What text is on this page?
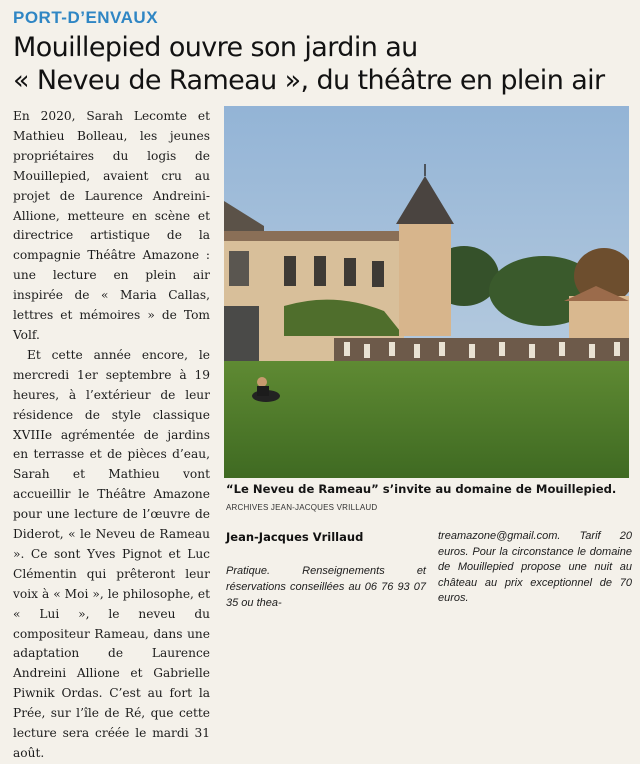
PORT-D’ENVAUX
Mouillepied ouvre son jardin au
« Neveu de Rameau », du théâtre en plein air

En 2020, Sarah Lecomte et Mathieu Bolleau, les jeunes propriétaires du logis de Mouillepied, avaient cru au projet de Laurence Andreini-Allione, metteure en scène et directrice artistique de la compagnie Théâtre Amazone : une lecture en plein air inspirée de « Maria Callas, lettres et mémoires » de Tom Volf.

Et cette année encore, le mercredi 1er septembre à 19 heures, à l’extérieur de leur résidence de style classique XVIIIe agrémentée de jardins en terrasse et de pièces d’eau, Sarah et Mathieu vont accueillir le Théâtre Amazone pour une lecture de l’œuvre de Diderot, « le Neveu de Rameau ». Ce sont Yves Pignot et Luc Clémentin qui prêteront leur voix à « Moi », le philosophe, et « Lui », le neveu du compositeur Rameau, dans une adaptation de Laurence Andreini Allione et Gabrielle Piwnik Ordas. C’est au fort la Prée, sur l’île de Ré, que cette lecture sera créée le mardi 31 août.

“Le Neveu de Rameau” s’invite au domaine de Mouillepied.
ARCHIVES JEAN-JACQUES VRILLAUD
Jean-Jacques Vrillaud
Pratique. Renseignements et réservations conseillées au 06 76 93 07 35 ou thea-
treamazone@gmail.com. Tarif 20 euros. Pour la circonstance le domaine de Mouillepied propose une nuit au château au prix exceptionnel de 70 euros.
